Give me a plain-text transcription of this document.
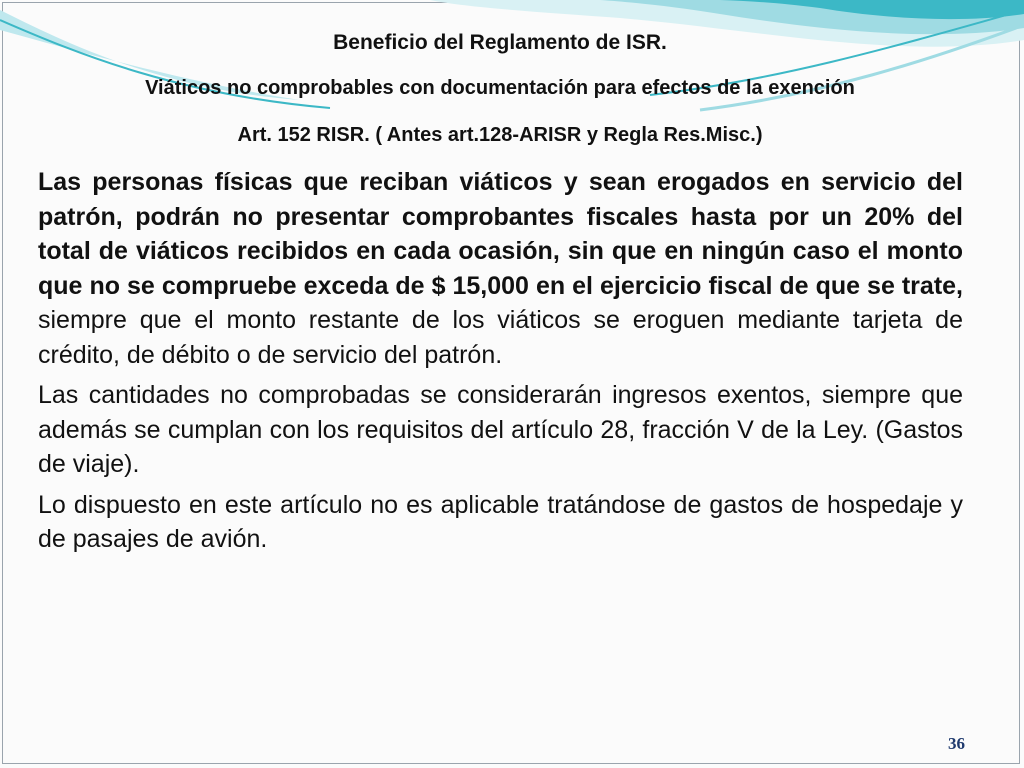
Beneficio del Reglamento de ISR.
Viáticos no comprobables con documentación para efectos de la exención
Art. 152 RISR. ( Antes art.128-ARISR y Regla Res.Misc.)

Las personas físicas que reciban viáticos y sean erogados en servicio del patrón, podrán no presentar comprobantes fiscales hasta por un 20% del total de viáticos recibidos en cada ocasión, sin que en ningún caso el monto que no se compruebe exceda de $ 15,000 en el ejercicio fiscal de que se trate, siempre que el monto restante de los viáticos se eroguen mediante tarjeta de crédito, de débito o de servicio del patrón.

Las cantidades no comprobadas se considerarán ingresos exentos, siempre que además se cumplan con los requisitos del artículo 28, fracción V de la Ley. (Gastos de viaje).

Lo dispuesto en este artículo no es aplicable tratándose de gastos de hospedaje y de pasajes de avión.

36
